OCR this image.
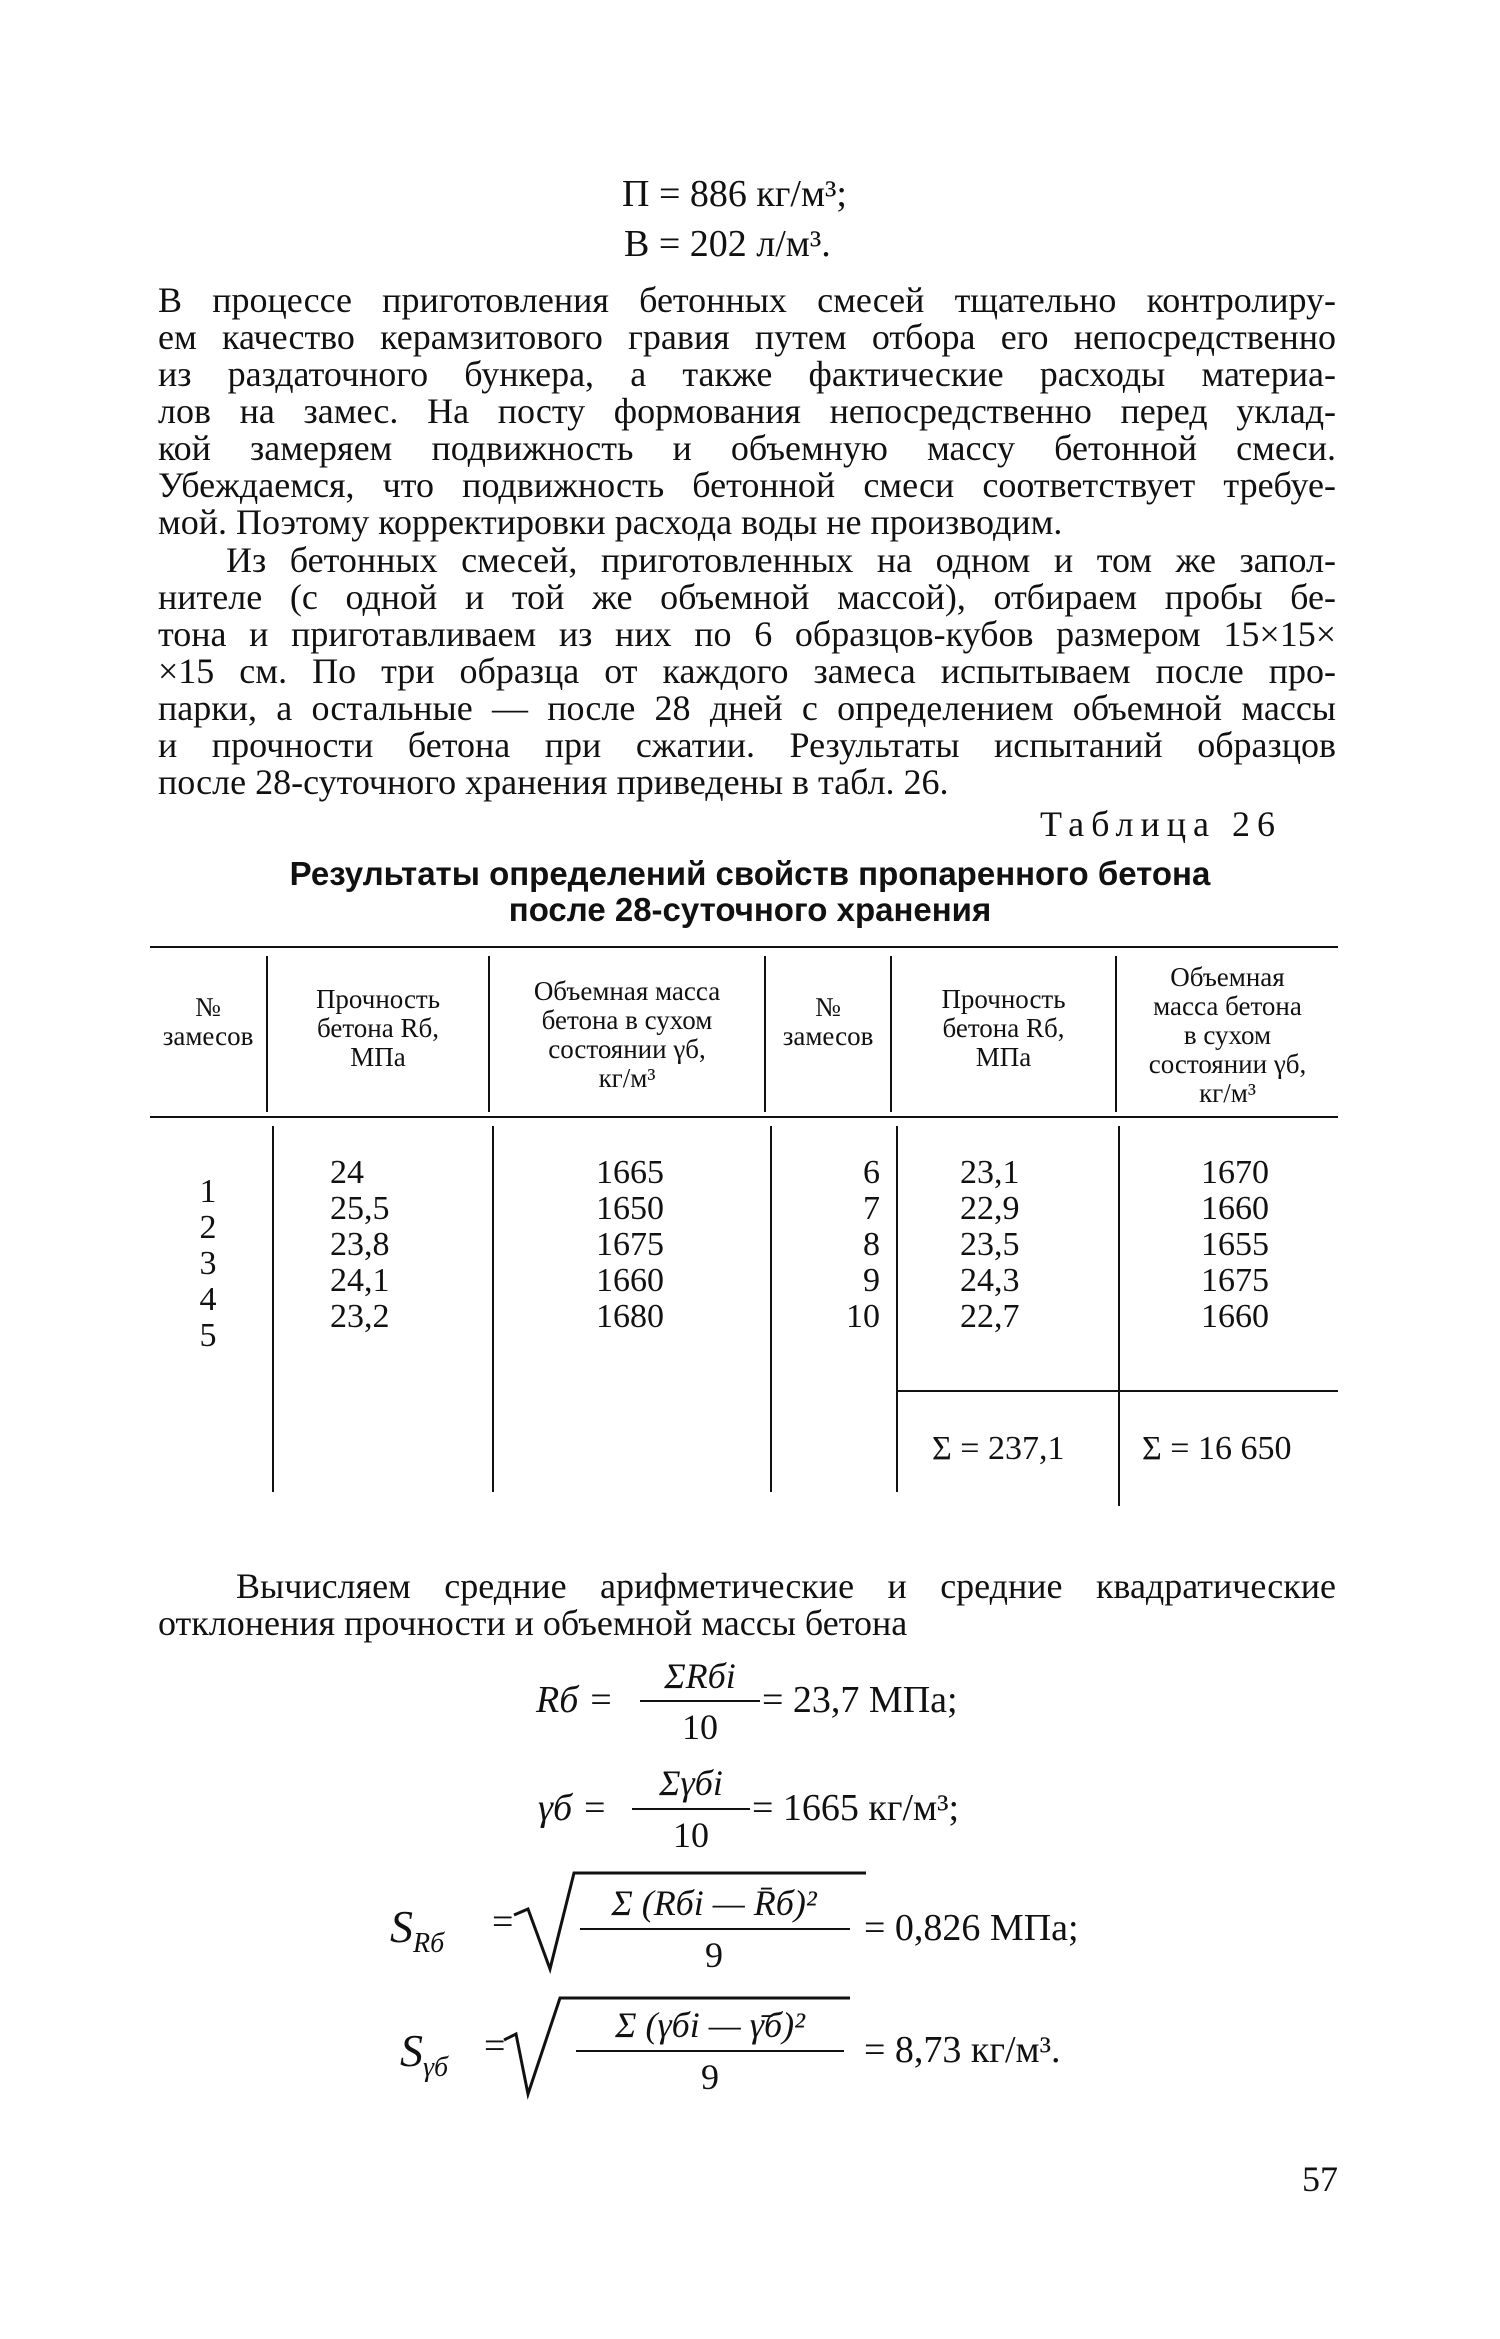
П = 886 кг/м³;
В = 202 л/м³.
В процессе приготовления бетонных смесей тщательно контролиру-
ем качество керамзитового гравия путем отбора его непосредственно
из раздаточного бункера, а также фактические расходы материа-
лов на замес. На посту формования непосредственно перед уклад-
кой замеряем подвижность и объемную массу бетонной смеси.
Убеждаемся, что подвижность бетонной смеси соответствует требуе-
мой. Поэтому корректировки расхода воды не производим.
Из бетонных смесей, приготовленных на одном и том же запол-
нителе (с одной и той же объемной массой), отбираем пробы бе-
тона и приготавливаем из них по 6 образцов-кубов размером 15×15×
×15 см. По три образца от каждого замеса испытываем после про-
парки, а остальные — после 28 дней с определением объемной массы
и прочности бетона при сжатии. Результаты испытаний образцов
после 28-суточного хранения приведены в табл. 26.
Таблица 26
Результаты определений свойств пропаренного бетона
после 28-суточного хранения
№
замесов
Прочность
бетона Rб,
МПа
Объемная масса
бетона в сухом
состоянии γб,
кг/м³
№
замесов
Прочность
бетона Rб,
МПа
Объемная
масса бетона
в сухом
состоянии γб,
кг/м³
1
2
3
4
5
24
25,5
23,8
24,1
23,2
1665
1650
1675
1660
1680
6
7
8
9
10
23,1
22,9
23,5
24,3
22,7
1670
1660
1655
1675
1660
Σ = 237,1 Σ = 16 650
Вычисляем средние арифметические и средние квадратические
отклонения прочности и объемной массы бетона
Rб =
ΣRбi
10
= 23,7 МПа;
γб =
Σγбi
10
= 1665 кг/м³;
$S_{Rб}$
=	Σ (Rбi — R̄б)²
9
= 0,826 МПа;
$S_{\gamma б}$
=	Σ (γбi — γ̄б)²
9
= 8,73 кг/м³.
57
